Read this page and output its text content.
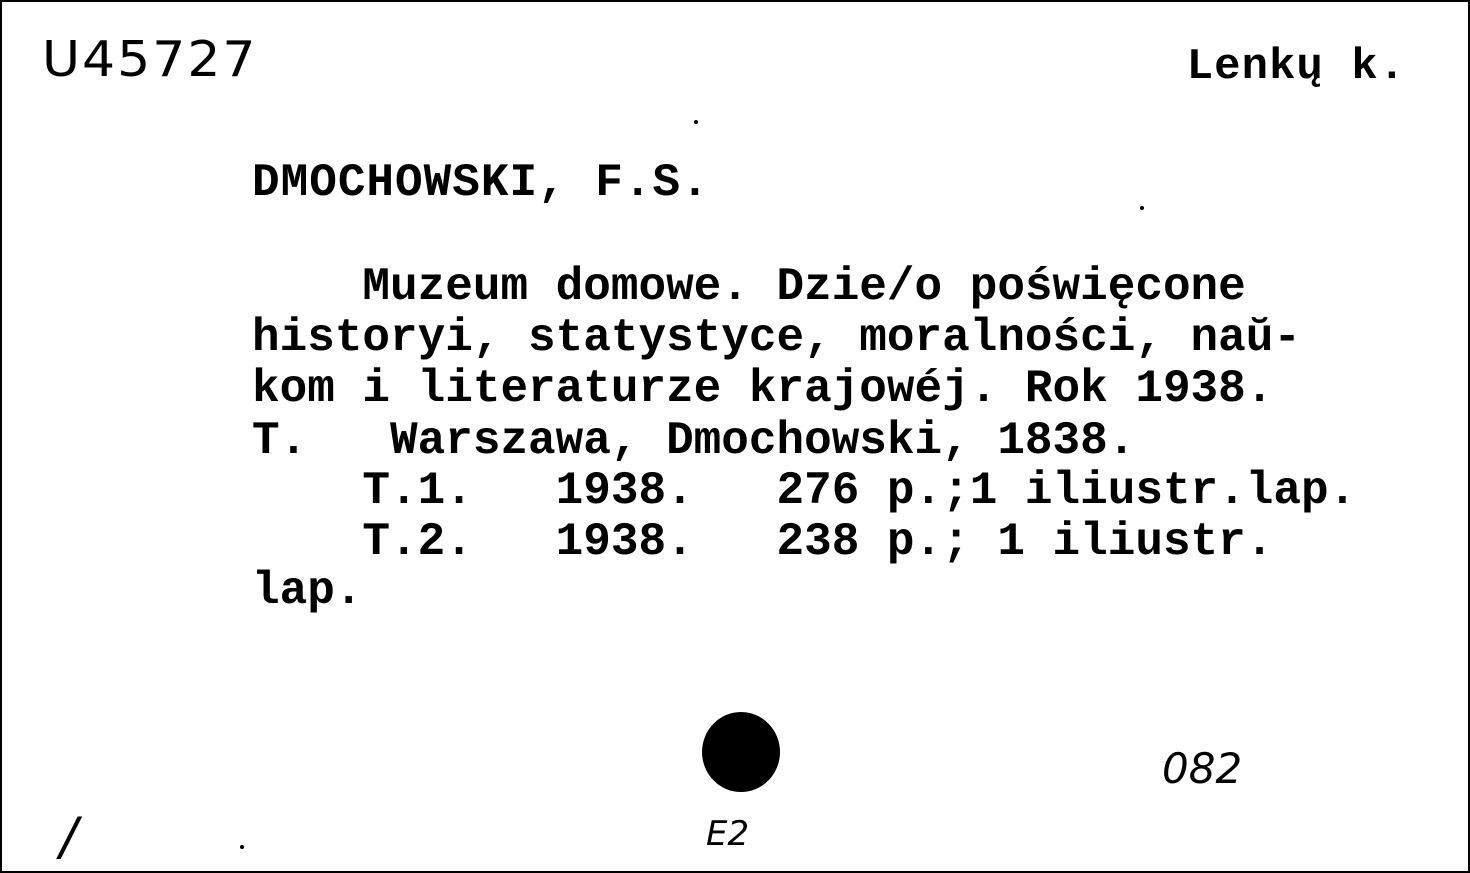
U45727	Lenkų k.
DMOCHOWSKI, F.S.
Muzeum domowe. Dzie/o poświęcone
historyi, statystyce, moralności, naŭ-
kom i literaturze krajowéj. Rok 1938.
T.   Warszawa, Dmochowski, 1838.
T.1.   1938.   276 p.;1 iliustr.lap.
T.2.   1938.   238 p.; 1 iliustr.
lap.
082
E2
/
